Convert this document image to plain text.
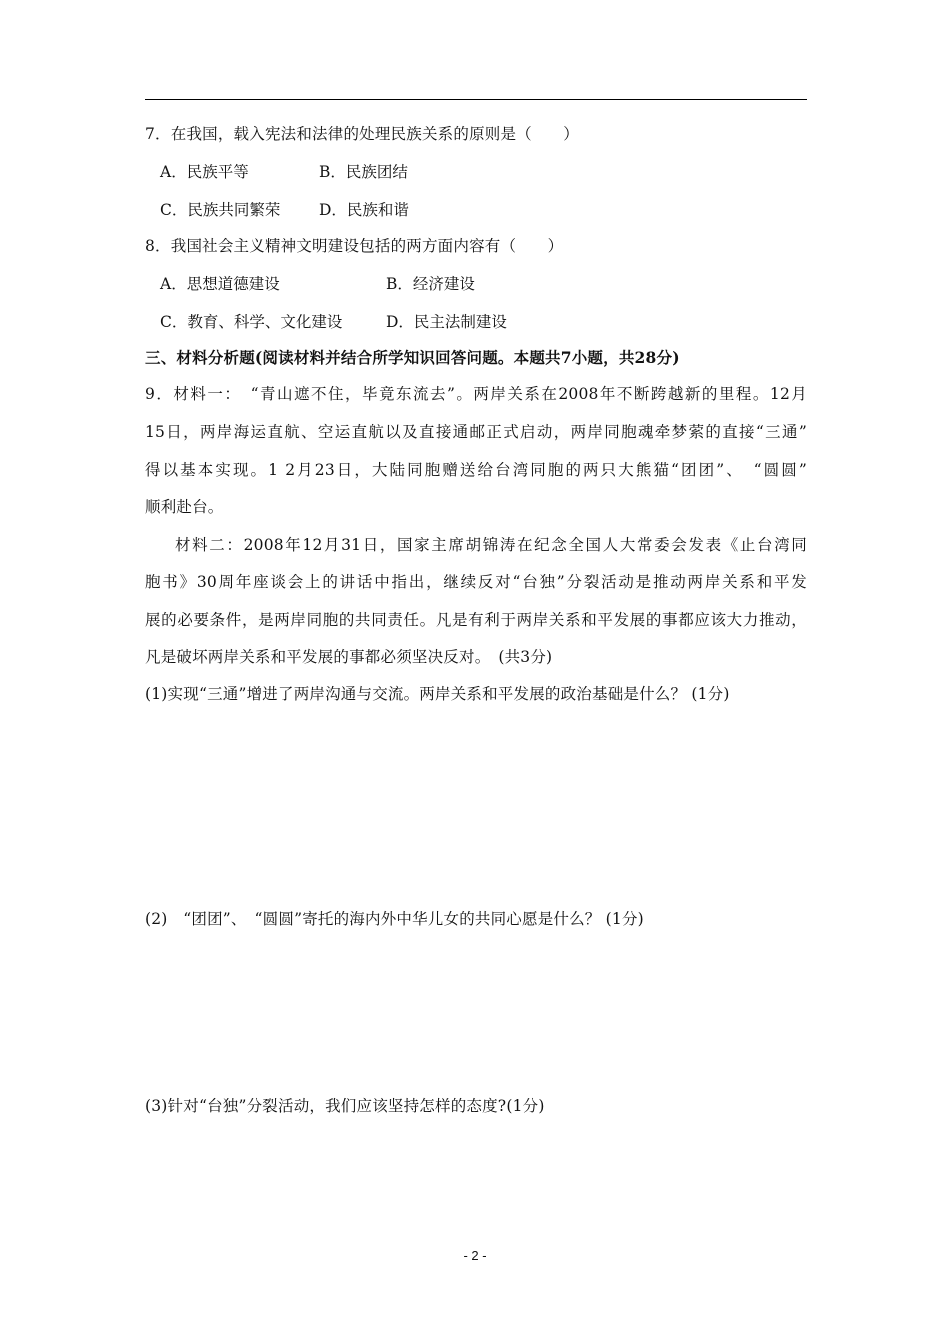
7．在我国，载入宪法和法律的处理民族关系的原则是（　　）
A．民族平等	B．民族团结
C．民族共同繁荣 D．民族和谐
8．我国社会主义精神文明建设包括的两方面内容有（　　）
A．思想道德建设	B．经济建设
C．教育、科学、文化建设	D．民主法制建设
三、材料分析题(阅读材料并结合所学知识回答问题。本题共7小题，共28分)
9．材料一：　“青山遮不住，毕竟东流去”。两岸关系在2008年不断跨越新的里程。12月
15日，两岸海运直航、空运直航以及直接通邮正式启动，两岸同胞魂牵梦萦的直接“三通”
得以基本实现。1 2月23日，大陆同胞赠送给台湾同胞的两只大熊猫“团团”、　“圆圆”
顺利赴台。
材料二：2008年12月31日，国家主席胡锦涛在纪念全国人大常委会发表《止台湾同
胞书》30周年座谈会上的讲话中指出，继续反对“台独”分裂活动是推动两岸关系和平发
展的必要条件，是两岸同胞的共同责任。凡是有利于两岸关系和平发展的事都应该大力推动，
凡是破坏两岸关系和平发展的事都必须坚决反对。　(共3分)
(1)实现“三通”增进了两岸沟通与交流。两岸关系和平发展的政治基础是什么？ (1分)
(2)　“团团”、　“圆圆”寄托的海内外中华儿女的共同心愿是什么？ (1分)
(3)针对“台独”分裂活动，我们应该坚持怎样的态度?(1分)
- 2 -
